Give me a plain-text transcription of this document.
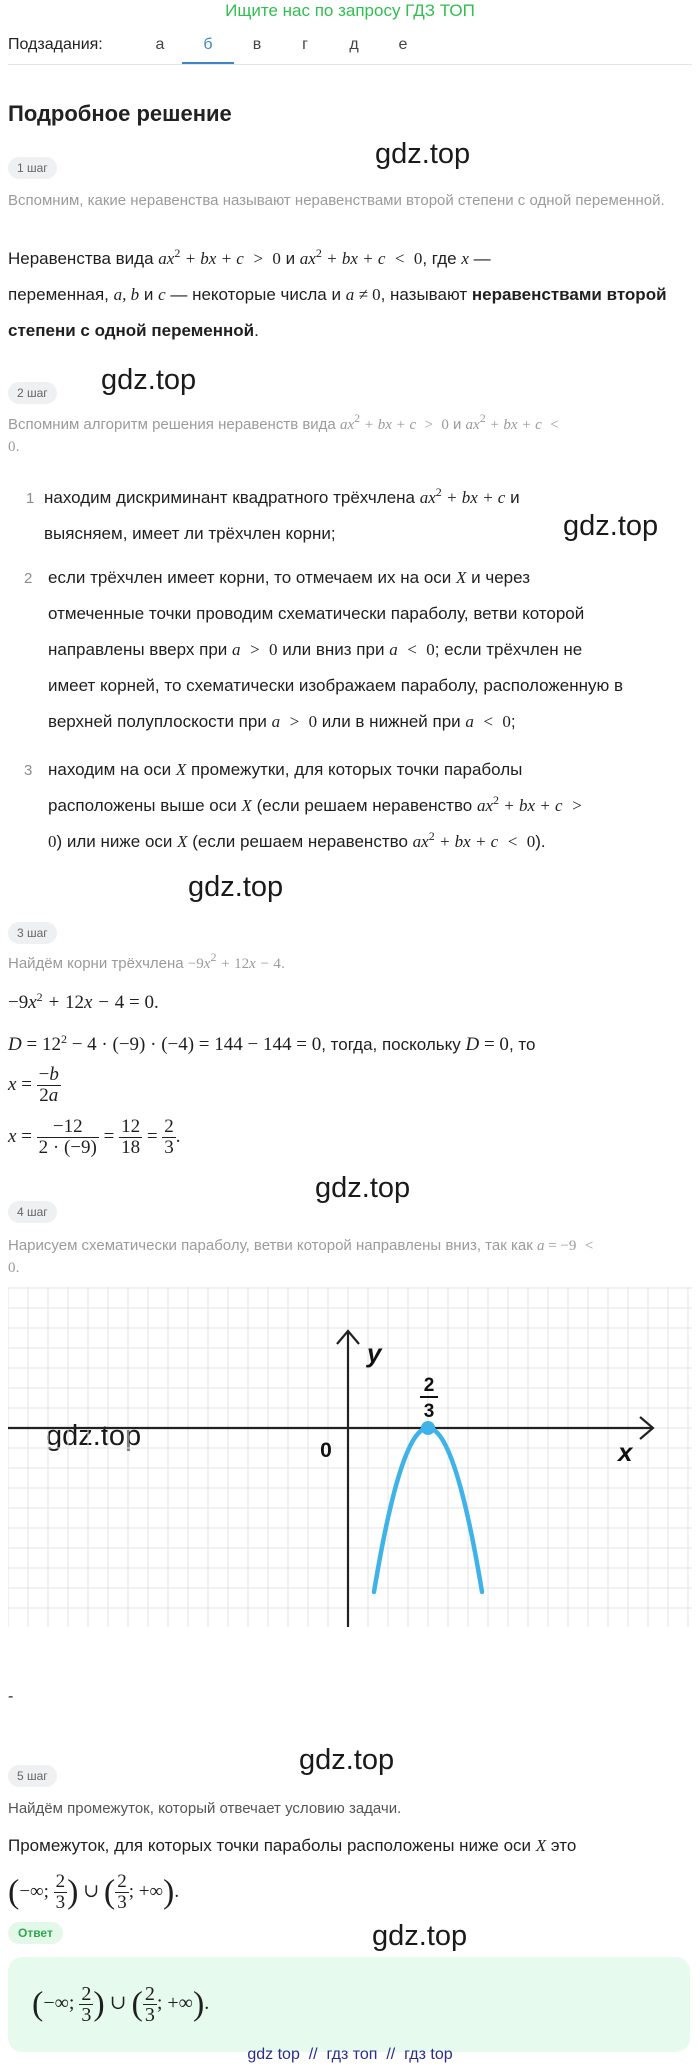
Ищите нас по запросу ГДЗ ТОП
Подзадания:	а	б	в	г	д	е
Подробное решение
gdz.top
gdz.top
gdz.top
gdz.top
gdz.top
gdz.top
gdz.top
gdz.top
1 шаг
Вспомним, какие неравенства называют неравенствами второй степени с одной переменной.
Неравенства вида $ax^2$ + bx + c  >  0 и $ax^2$ + bx + c  <  0, где x —
переменная, a, b и c — некоторые числа и a ≠ 0, называют неравенствами второй степени с одной переменной.
2 шаг
Вспомним алгоритм решения неравенств вида $ax^2$ + bx + c  >  0 и $ax^2$ + bx + c  <
0.
1 находим дискриминант квадратного трёхчлена $ax^2$ + bx + c и
выясняем, имеет ли трёхчлен корни;
2 если трёхчлен имеет корни, то отмечаем их на оси X и через
отмеченные точки проводим схематически параболу, ветви которой
направлены вверх при a  >  0 или вниз при a  <  0; если трёхчлен не
имеет корней, то схематически изображаем параболу, расположенную в
верхней полуплоскости при a  >  0 или в нижней при a  <  0;
3 находим на оси X промежутки, для которых точки параболы
расположены выше оси X (если решаем неравенство $ax^2$ + bx + c  >
0) или ниже оси X (если решаем неравенство $ax^2$ + bx + c  <  0).
3 шаг
Найдём корни трёхчлена $-9x^2 + 12x - 4$.
$-9x^2 + 12x - 4 = 0$.
$D = 12^2 - 4 \cdot (-9) \cdot (-4) = 144 - 144 = 0$, тогда, поскольку D = 0, то
$x = \frac{-b}{2a}$
$x = \frac{-12}{2 \cdot (-9)} = \frac{12}{18} = \frac{2}{3}$ .
4 шаг
Нарисуем схематически параболу, ветви которой направлены вниз, так как a = −9  <
0.
y
x
0
2
3
-
5 шаг
Найдём промежуток, который отвечает условию задачи.
Промежуток, для которых точки параболы расположены ниже оси X это
(−∞; $\frac{2}{3}$ ) ∪ ( $\frac{2}{3}$ ; +∞).
Ответ
(−∞; $\frac{2}{3}$ ) ∪ ( $\frac{2}{3}$ ; +∞).
gdz top // гдз топ // гдз top
